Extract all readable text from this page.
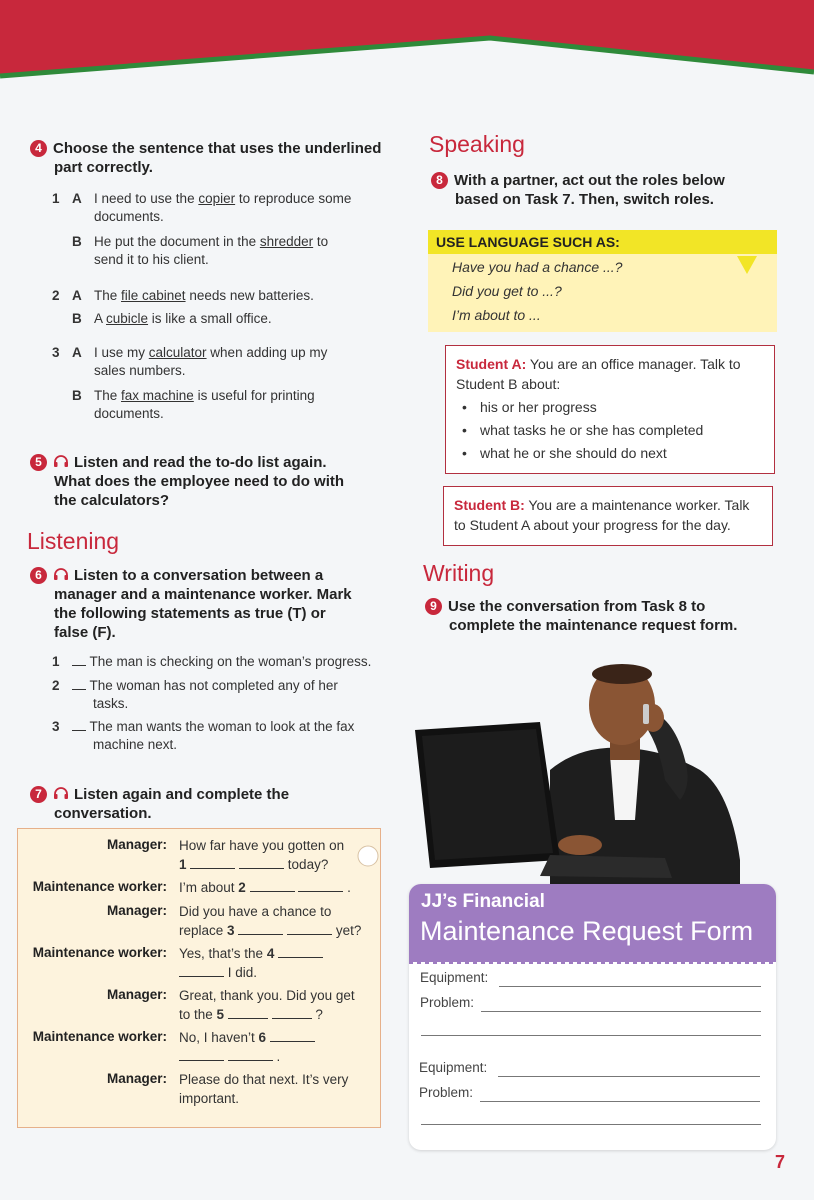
4 Choose the sentence that uses the underlined
part correctly.
1 A I need to use the copier to reproduce some
documents.
B He put the document in the shredder to
send it to his client.
2 A The file cabinet needs new batteries.
B A cubicle is like a small office.
3 A I use my calculator when adding up my
sales numbers.
B The fax machine is useful for printing
documents.
5 Listen and read the to-do list again.
What does the employee need to do with
the calculators?
Listening
6 Listen to a conversation between a
manager and a maintenance worker. Mark
the following statements as true (T) or
false (F).
1 The man is checking on the woman’s progress.
2 The woman has not completed any of her
tasks.
3 The man wants the woman to look at the fax
machine next.
7 Listen again and complete the
conversation.
Manager: How far have you gotten on
1	today?
Maintenance worker: I’m about 2	.
Manager: Did you have a chance to
replace 3	yet?
Maintenance worker: Yes, that’s the 4
I did.
Manager: Great, thank you. Did you get
to the 5	?
Maintenance worker: No, I haven’t 6
.
Manager: Please do that next. It’s very
important.
Speaking
8 With a partner, act out the roles below
based on Task 7. Then, switch roles.
USE LANGUAGE SUCH AS:
Have you had a chance ...?
Did you get to ...?
I’m about to ...
Student A: You are an office manager. Talk to
Student B about:
• his or her progress
• what tasks he or she has completed
• what he or she should do next
Student B: You are a maintenance worker. Talk
to Student A about your progress for the day.
Writing
9 Use the conversation from Task 8 to
complete the maintenance request form.
JJ’s Financial
Maintenance Request Form
Equipment:
Problem:
Equipment:
Problem:
7
